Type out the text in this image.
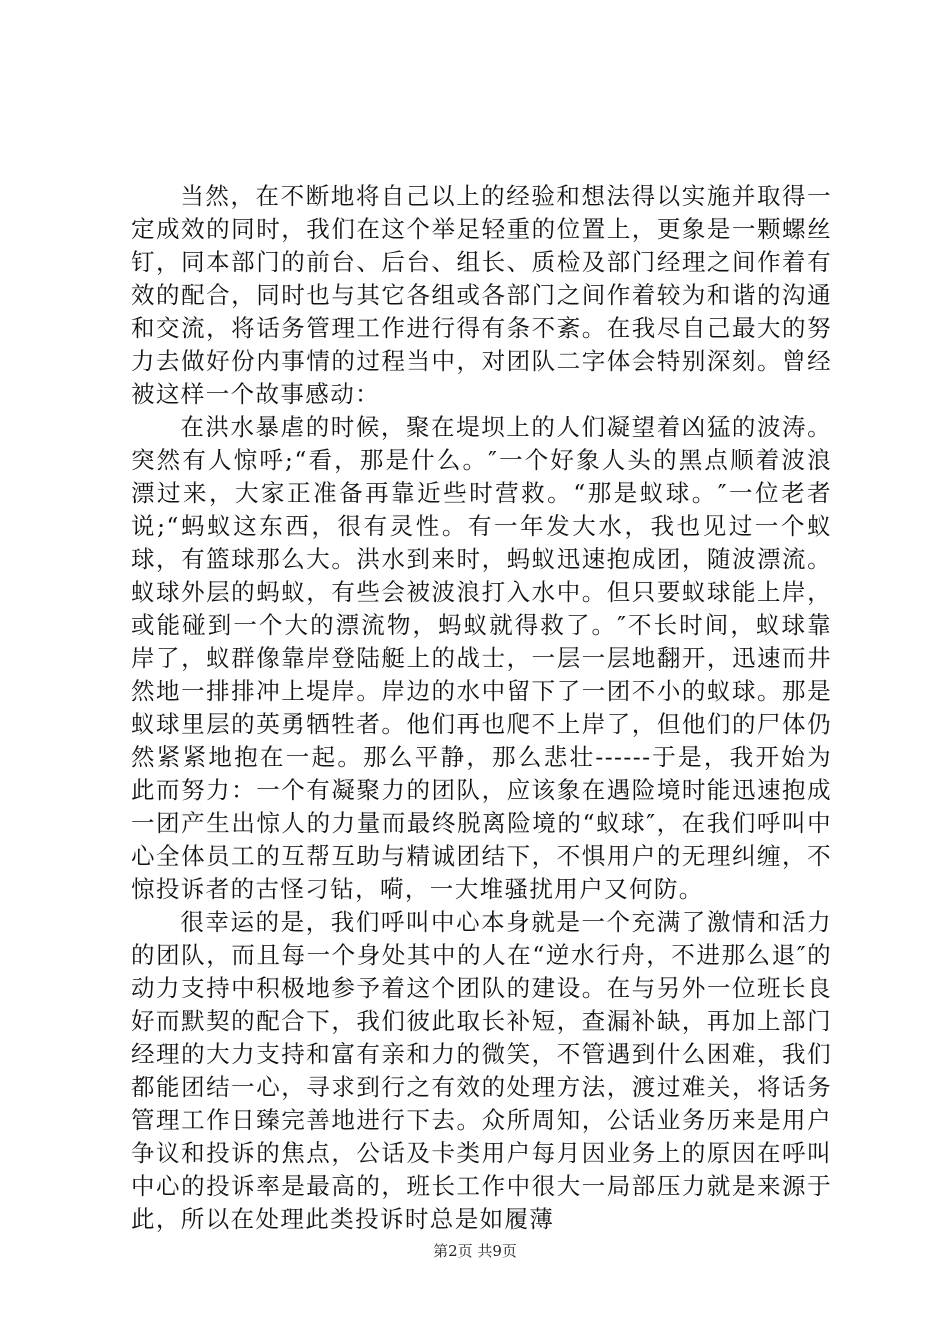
当然，在不断地将自己以上的经验和想法得以实施并取得一定成效的同时，我们在这个举足轻重的位置上，更象是一颗螺丝钉，同本部门的前台、后台、组长、质检及部门经理之间作着有效的配合，同时也与其它各组或各部门之间作着较为和谐的沟通和交流，将话务管理工作进行得有条不紊。在我尽自己最大的努力去做好份内事情的过程当中，对团队二字体会特别深刻。曾经被这样一个故事感动：

在洪水暴虐的时候，聚在堤坝上的人们凝望着凶猛的波涛。突然有人惊呼;“看，那是什么。″一个好象人头的黑点顺着波浪漂过来，大家正准备再靠近些时营救。“那是蚁球。″一位老者说;“蚂蚁这东西，很有灵性。有一年发大水，我也见过一个蚁球，有篮球那么大。洪水到来时，蚂蚁迅速抱成团，随波漂流。蚁球外层的蚂蚁，有些会被波浪打入水中。但只要蚁球能上岸，或能碰到一个大的漂流物，蚂蚁就得救了。″不长时间，蚁球靠岸了，蚁群像靠岸登陆艇上的战士，一层一层地翻开，迅速而井然地一排排冲上堤岸。岸边的水中留下了一团不小的蚁球。那是蚁球里层的英勇牺牲者。他们再也爬不上岸了，但他们的尸体仍然紧紧地抱在一起。那么平静，那么悲壮------于是，我开始为此而努力：一个有凝聚力的团队，应该象在遇险境时能迅速抱成一团产生出惊人的力量而最终脱离险境的“蚁球″，在我们呼叫中心全体员工的互帮互助与精诚团结下，不惧用户的无理纠缠，不惊投诉者的古怪刁钻，嗬，一大堆骚扰用户又何防。

很幸运的是，我们呼叫中心本身就是一个充满了激情和活力的团队，而且每一个身处其中的人在“逆水行舟，不进那么退″的动力支持中积极地参予着这个团队的建设。在与另外一位班长良好而默契的配合下，我们彼此取长补短，查漏补缺，再加上部门经理的大力支持和富有亲和力的微笑，不管遇到什么困难，我们都能团结一心，寻求到行之有效的处理方法，渡过难关，将话务管理工作日臻完善地进行下去。众所周知，公话业务历来是用户争议和投诉的焦点，公话及卡类用户每月因业务上的原因在呼叫中心的投诉率是最高的，班长工作中很大一局部压力就是来源于此，所以在处理此类投诉时总是如履薄

第2页 共9页
